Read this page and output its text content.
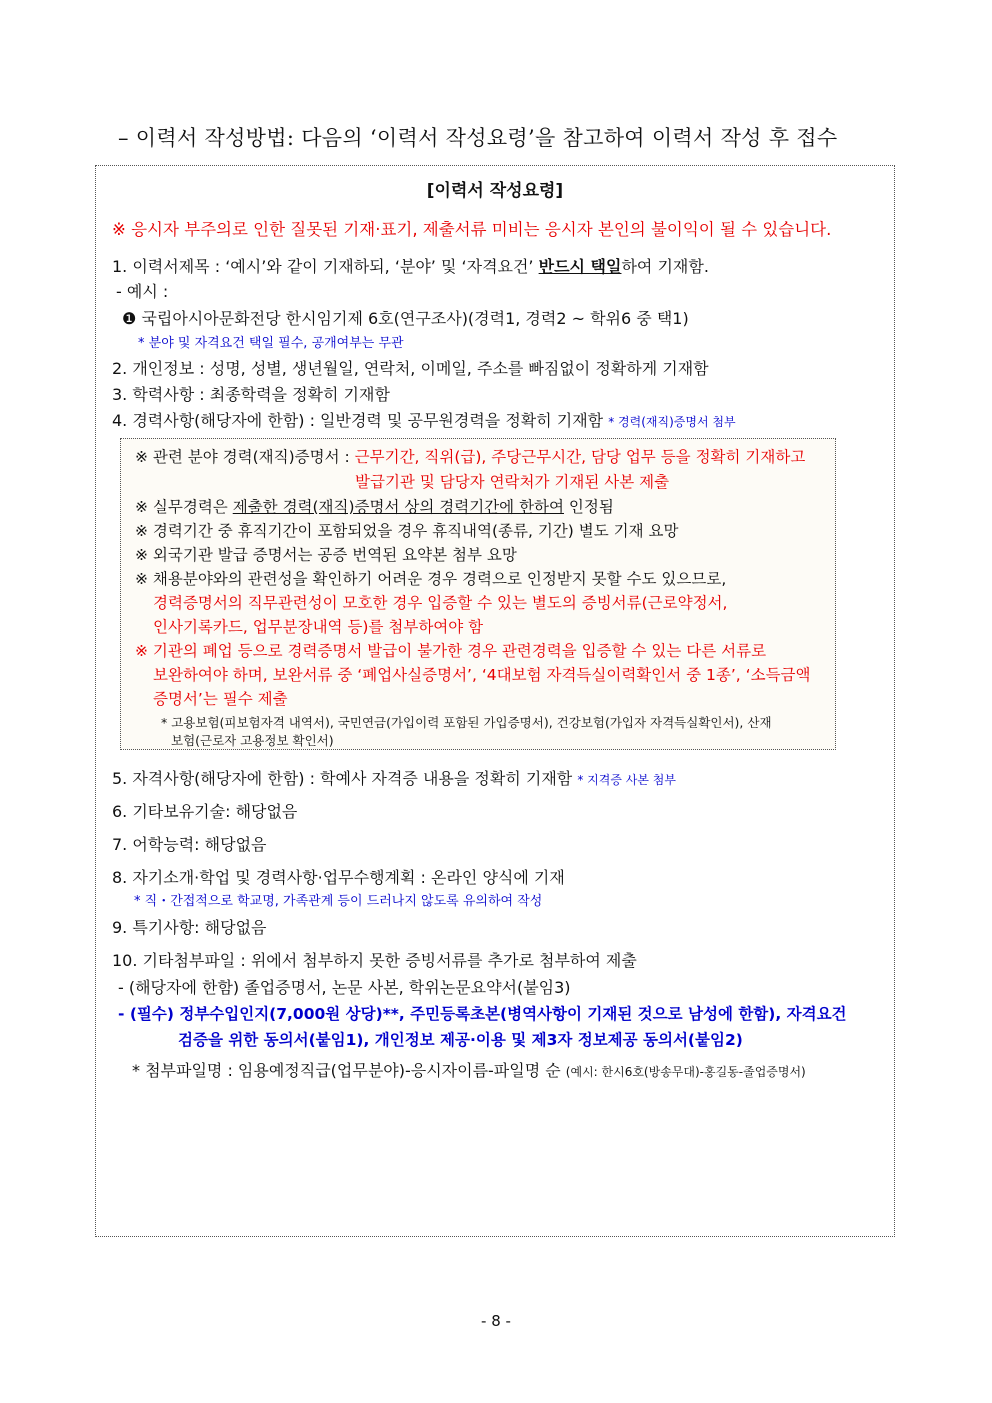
– 이력서 작성방법: 다음의 ‘이력서 작성요령’을 참고하여 이력서 작성 후 접수
[이력서 작성요령]
※ 응시자 부주의로 인한 질못된 기재·표기, 제출서류 미비는 응시자 본인의 불이익이 될 수 있습니다.
1. 이력서제목 : ‘예시’와 같이 기재하되, ‘분야’ 및 ‘자격요건’ 반드시 택일하여 기재함.
- 예시 :
❶ 국립아시아문화전당 한시임기제 6호(연구조사)(경력1, 경력2 ~ 학위6 중 택1)
* 분야 및 자격요건 택일 필수, 공개여부는 무관
2. 개인정보 : 성명, 성별, 생년월일, 연락처, 이메일, 주소를 빠짐없이 정확하게 기재함
3. 학력사항 : 최종학력을 정확히 기재함
4. 경력사항(해당자에 한함) : 일반경력 및 공무원경력을 정확히 기재함 * 경력(재직)증명서 첨부
※ 관련 분야 경력(재직)증명서 : 근무기간, 직위(급), 주당근무시간, 담당 업무 등을 정확히 기재하고
발급기관 및 담당자 연락처가 기재된 사본 제출
※ 실무경력은 제출한 경력(재직)증명서 상의 경력기간에 한하여 인정됨
※ 경력기간 중 휴직기간이 포함되었을 경우 휴직내역(종류, 기간) 별도 기재 요망
※ 외국기관 발급 증명서는 공증 번역된 요약본 첨부 요망
※ 채용분야와의 관련성을 확인하기 어려운 경우 경력으로 인정받지 못할 수도 있으므로,
경력증명서의 직무관련성이 모호한 경우 입증할 수 있는 별도의 증빙서류(근로약정서,
인사기록카드, 업무분장내역 등)를 첨부하여야 함
※ 기관의 폐업 등으로 경력증명서 발급이 불가한 경우 관련경력을 입증할 수 있는 다른 서류로
보완하여야 하며, 보완서류 중 ‘폐업사실증명서’, ‘4대보험 자격득실이력확인서 중 1종’, ‘소득금액
증명서’는 필수 제출
* 고용보험(피보험자격 내역서), 국민연금(가입이력 포함된 가입증명서), 건강보험(가입자 자격득실확인서), 산재
보험(근로자 고용정보 확인서)
5. 자격사항(해당자에 한함) : 학예사 자격증 내용을 정확히 기재함 * 지격증 사본 첨부
6. 기타보유기술: 해당없음
7. 어학능력: 해당없음
8. 자기소개·학업 및 경력사항·업무수행계획 : 온라인 양식에 기재
* 직・간접적으로 학교명, 가족관계 등이 드러나지 않도록 유의하여 작성
9. 특기사항: 해당없음
10. 기타첨부파일 : 위에서 첨부하지 못한 증빙서류를 추가로 첨부하여 제출
- (해당자에 한함) 졸업증명서, 논문 사본, 학위논문요약서(붙임3)
- (필수) 정부수입인지(7,000원 상당)**, 주민등록초본(병역사항이 기재된 것으로 남성에 한함), 자격요건
검증을 위한 동의서(붙임1), 개인정보 제공·이용 및 제3자 정보제공 동의서(붙임2)
* 첨부파일명 : 임용예정직급(업무분야)-응시자이름-파일명 순 (예시: 한시6호(방송무대)-홍길동-졸업증명서)
- 8 -
